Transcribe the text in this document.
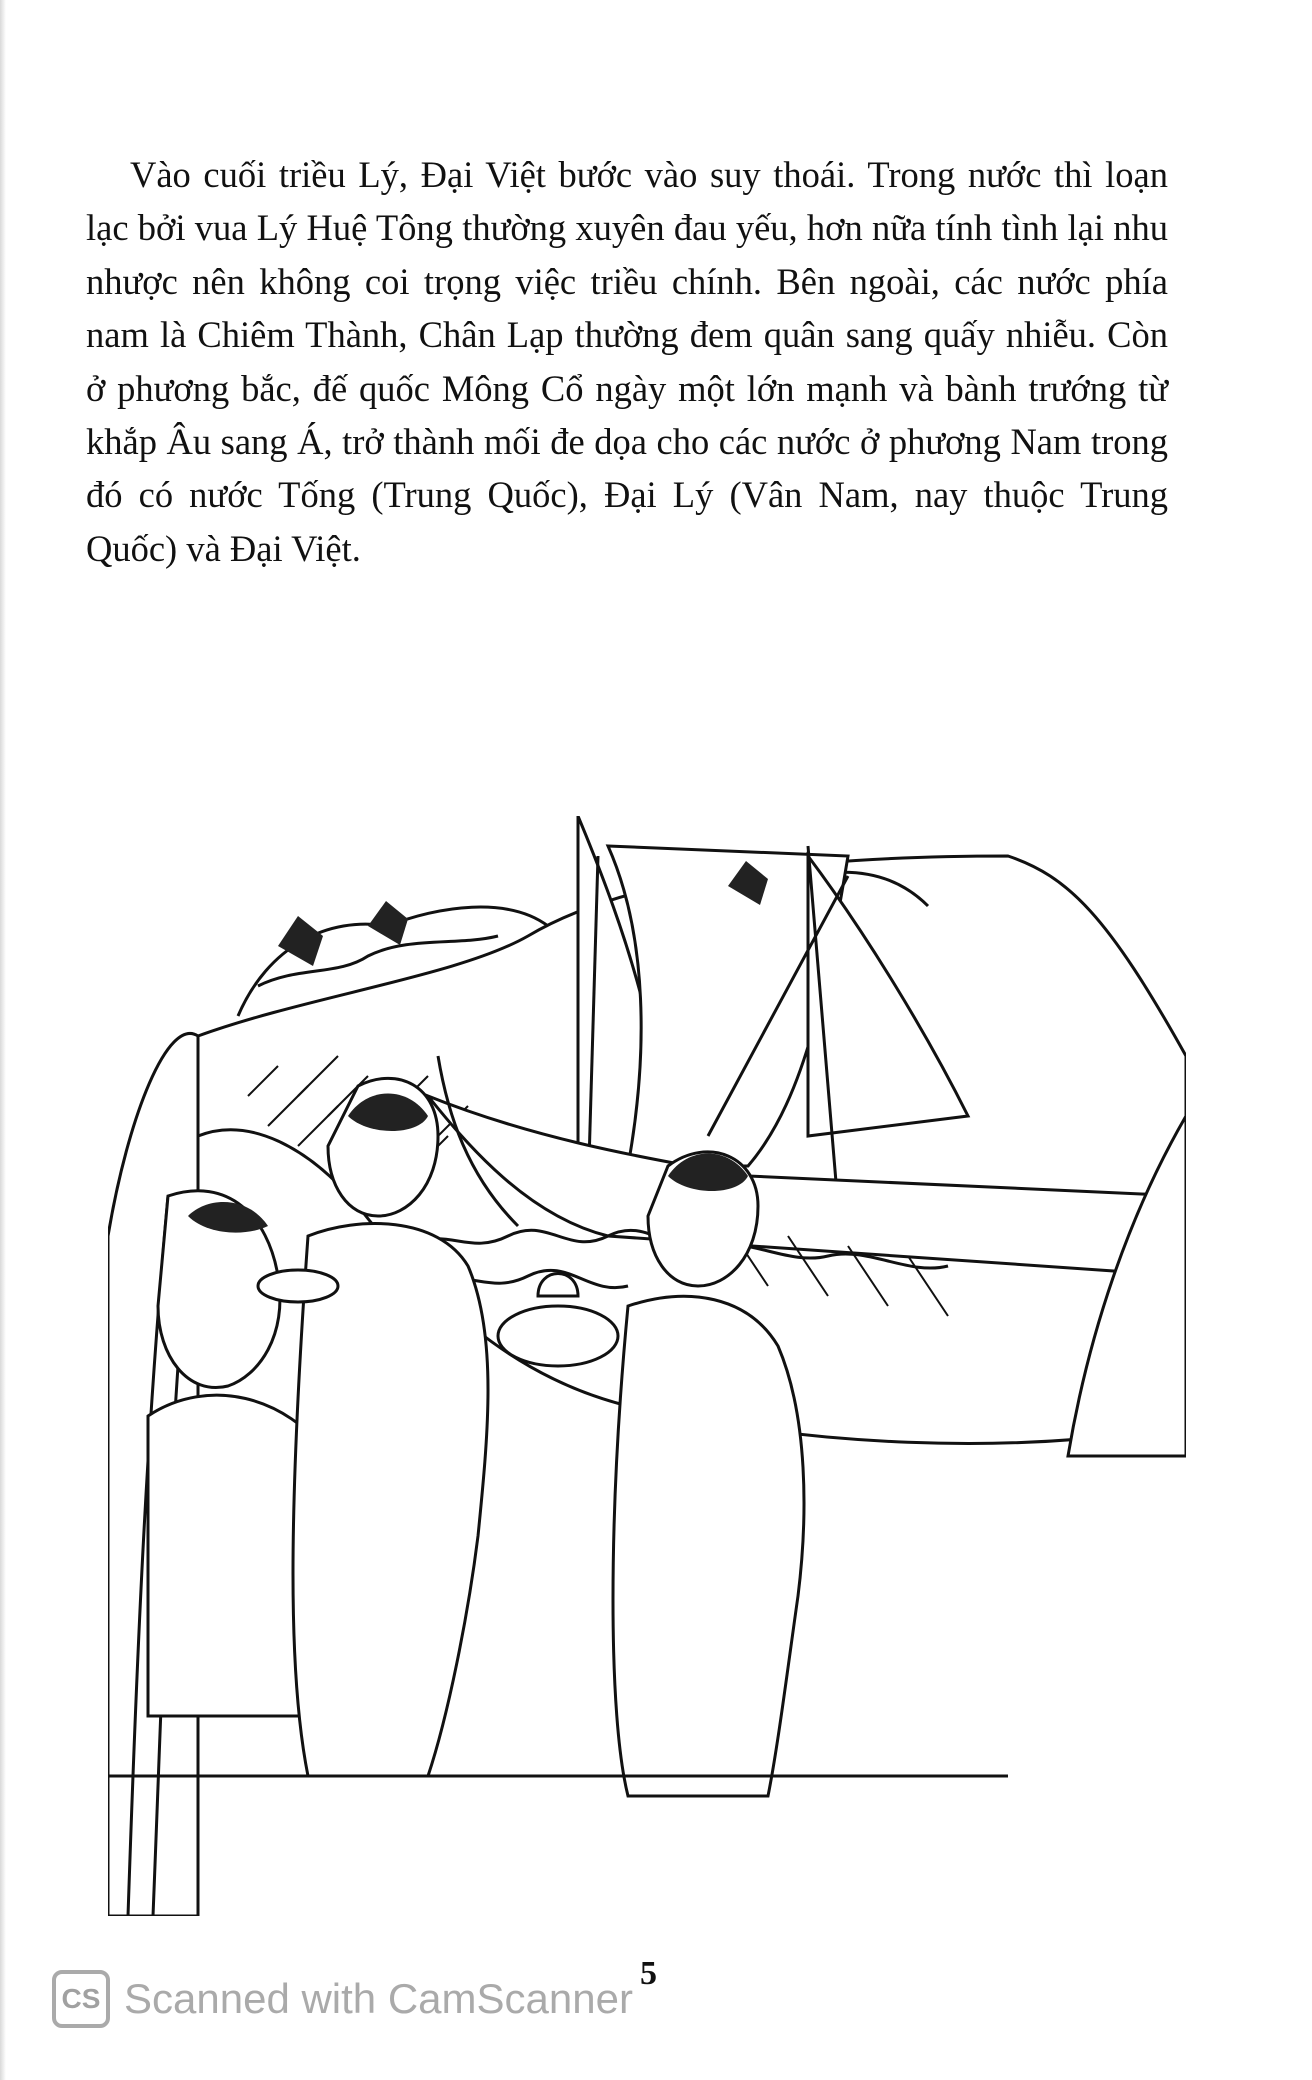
Vào cuối triều Lý, Đại Việt bước vào suy thoái. Trong nước thì loạn lạc bởi vua Lý Huệ Tông thường xuyên đau yếu, hơn nữa tính tình lại nhu nhược nên không coi trọng việc triều chính. Bên ngoài, các nước phía nam là Chiêm Thành, Chân Lạp thường đem quân sang quấy nhiễu. Còn ở phương bắc, đế quốc Mông Cổ ngày một lớn mạnh và bành trướng từ khắp Âu sang Á, trở thành mối đe dọa cho các nước ở phương Nam trong đó có nước Tống (Trung Quốc), Đại Lý (Vân Nam, nay thuộc Trung Quốc) và Đại Việt.

5
CS Scanned with CamScanner
